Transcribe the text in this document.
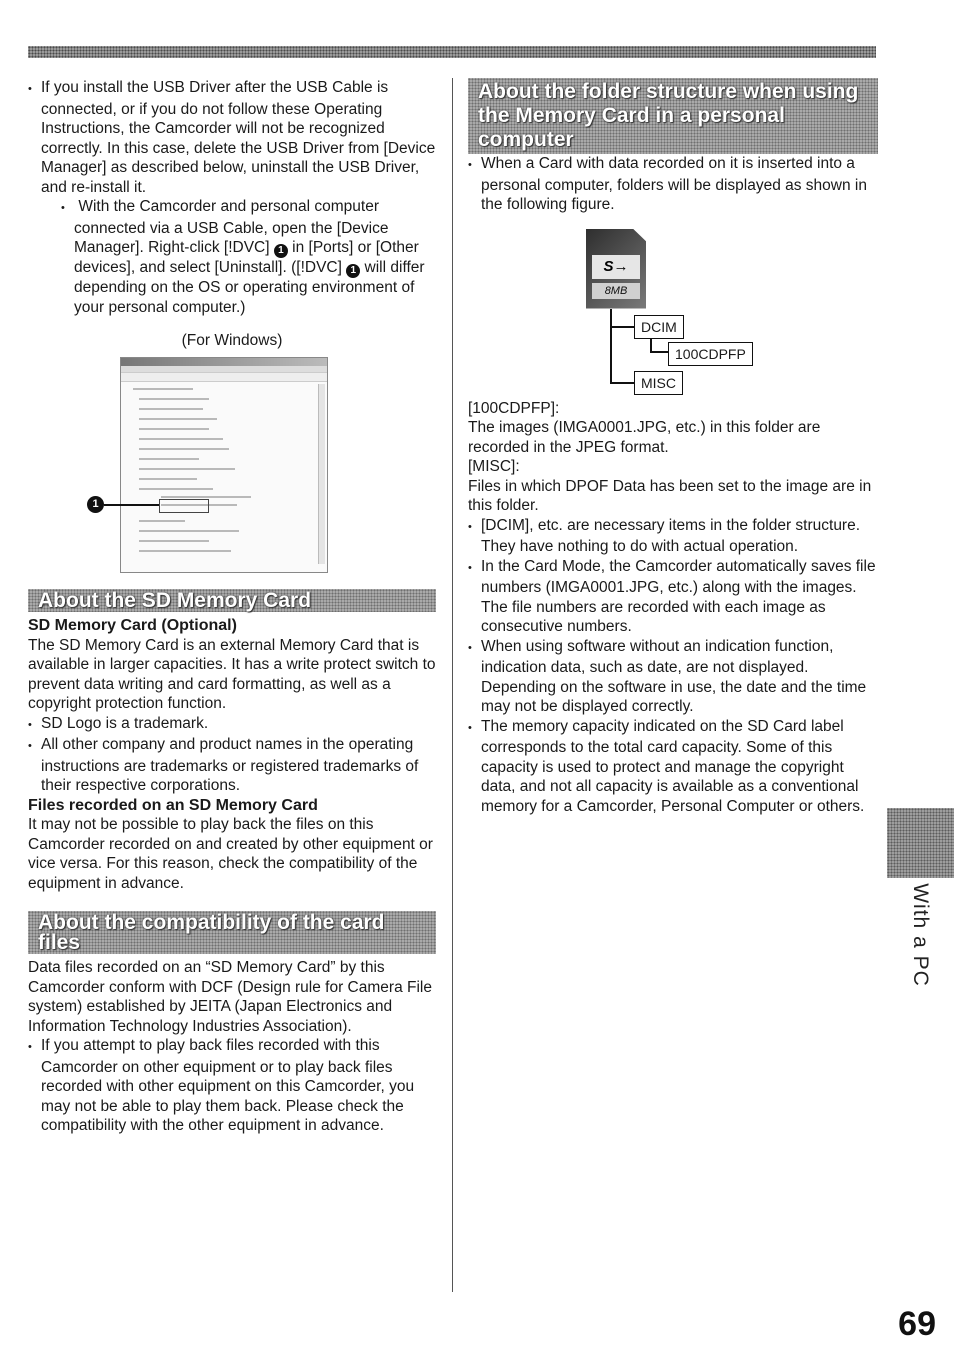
• If you install the USB Driver after the USB Cable is connected, or if you do not follow these Operating Instructions, the Camcorder will not be recognized correctly. In this case, delete the USB Driver from [Device Manager] as described below, uninstall the USB Driver, and re-install it.

• With the Camcorder and personal computer connected via a USB Cable, open the [Device Manager]. Right-click [!DVC] 1 in [Ports] or [Other devices], and select [Uninstall]. ([!DVC] 1 will differ depending on the OS or operating environment of your personal computer.)

(For Windows)

1

About the SD Memory Card

SD Memory Card (Optional)

The SD Memory Card is an external Memory Card that is available in larger capacities. It has a write protect switch to prevent data writing and card formatting, as well as a copyright protection function.

• SD Logo is a trademark.

• All other company and product names in the operating instructions are trademarks or registered trademarks of their respective corporations.

Files recorded on an SD Memory Card

It may not be possible to play back the files on this Camcorder recorded on and created by other equipment or vice versa. For this reason, check the compatibility of the equipment in advance.

About the compatibility of the card files

Data files recorded on an “SD Memory Card” by this Camcorder conform with DCF (Design rule for Camera File system) established by JEITA (Japan Electronics and Information Technology Industries Association).

• If you attempt to play back files recorded with this Camcorder on other equipment or to play back files recorded with other equipment on this Camcorder, you may not be able to play them back. Please check the compatibility with the other equipment in advance.

About the folder structure when using the Memory Card in a personal computer

• When a Card with data recorded on it is inserted into a personal computer, folders will be displayed as shown in the following figure.

S→
8MB
DCIM
100CDPFP
MISC

[100CDPFP]:

The images (IMGA0001.JPG, etc.) in this folder are recorded in the JPEG format.

[MISC]:

Files in which DPOF Data has been set to the image are in this folder.

• [DCIM], etc. are necessary items in the folder structure. They have nothing to do with actual operation.

• In the Card Mode, the Camcorder automatically saves file numbers (IMGA0001.JPG, etc.) along with the images. The file numbers are recorded with each image as consecutive numbers.

• When using software without an indication function, indication data, such as date, are not displayed. Depending on the software in use, the date and the time may not be displayed correctly.

• The memory capacity indicated on the SD Card label corresponds to the total card capacity. Some of this capacity is used to protect and manage the copyright data, and not all capacity is available as a conventional memory for a Camcorder, Personal Computer or others.

With a PC
69
